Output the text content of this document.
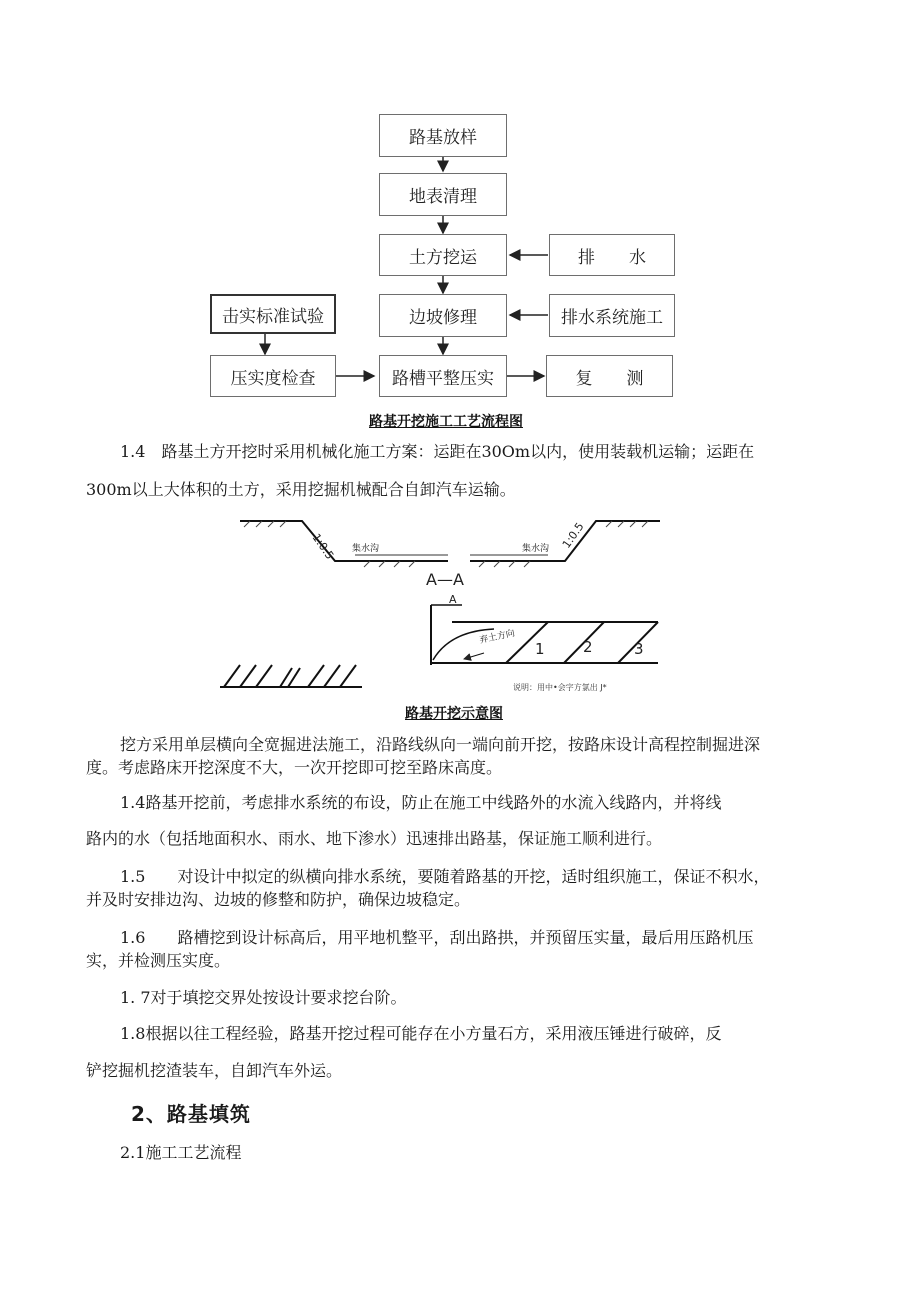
路基放样
地表清理
土方挖运
边坡修理
路槽平整压实
排　　水
排水系统施工
复　　测
击实标准试验
压实度检查
路基开挖施工工艺流程图
1.4　路基土方开挖时采用机械化施工方案：运距在30Om以内，使用装载机运输；运距在
300m以上大体积的土方，采用挖掘机械配合自卸汽车运输。
1:0.5	1:0.5
集水沟	集水沟
A—A
A
弃土方向
1	2	3
说明：用中•会字方氯出 J*
路基开挖示意图
挖方采用单层横向全宽掘进法施工，沿路线纵向一端向前开挖，按路床设计高程控制掘进深
度。考虑路床开挖深度不大，一次开挖即可挖至路床高度。
1.4路基开挖前，考虑排水系统的布设，防止在施工中线路外的水流入线路内，并将线
路内的水（包括地面积水、雨水、地下渗水）迅速排出路基，保证施工顺利进行。
1.5　　对设计中拟定的纵横向排水系统，要随着路基的开挖，适时组织施工，保证不积水，
并及时安排边沟、边坡的修整和防护，确保边坡稳定。
1.6　　路槽挖到设计标高后，用平地机整平，刮出路拱，并预留压实量，最后用压路机压
实，并检测压实度。
1. 7对于填挖交界处按设计要求挖台阶。
1.8根据以往工程经验，路基开挖过程可能存在小方量石方，采用液压锤进行破碎，反
铲挖掘机挖渣装车，自卸汽车外运。
2、路基填筑
2.1施工工艺流程
